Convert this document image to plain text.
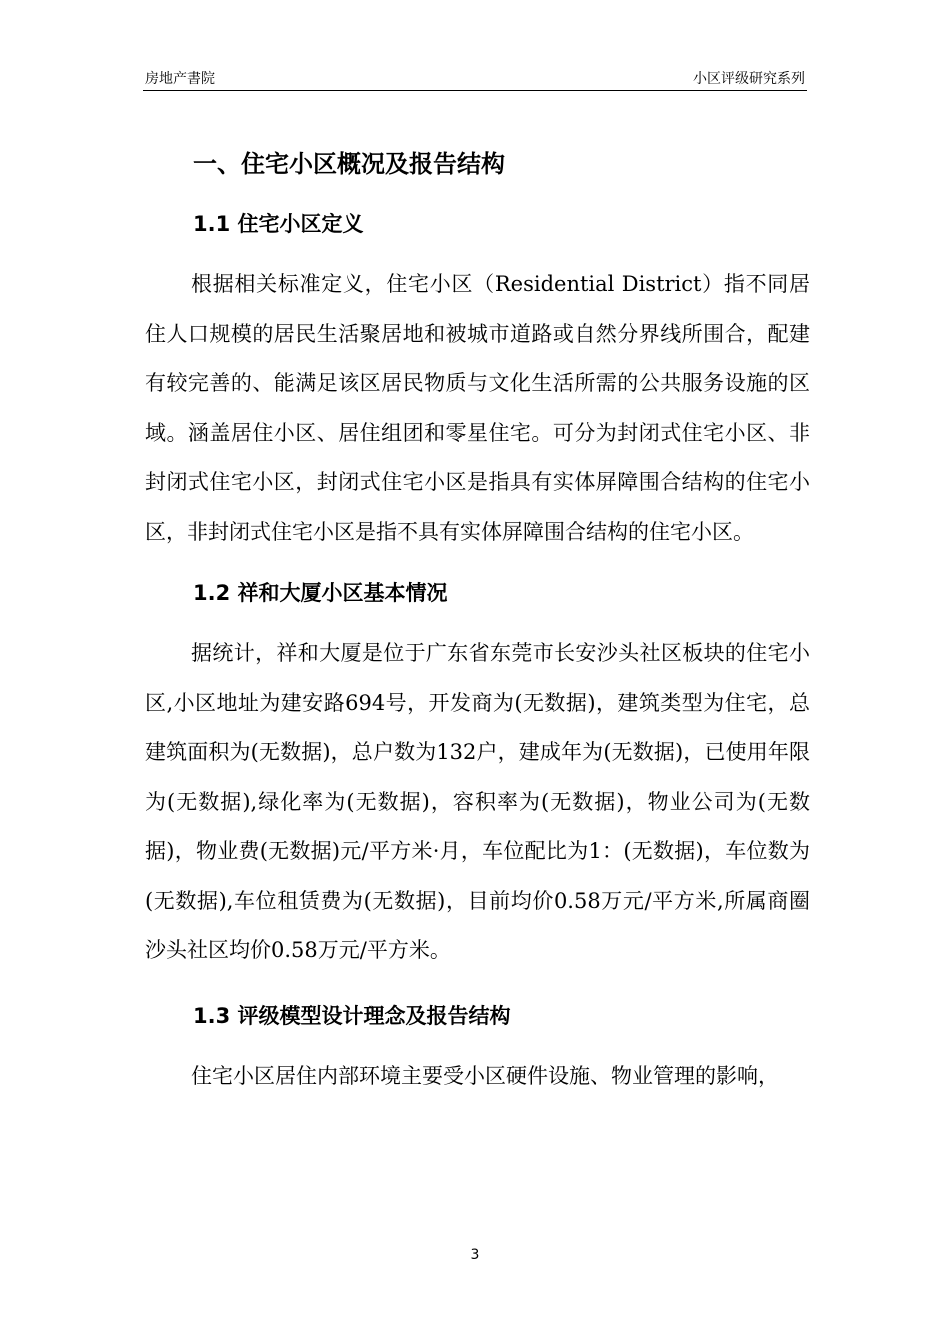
房地产書院	小区评级研究系列
一、住宅小区概况及报告结构
1.1 住宅小区定义

根据相关标准定义，住宅小区（Residential District）指不同居住人口规模的居民生活聚居地和被城市道路或自然分界线所围合，配建有较完善的、能满足该区居民物质与文化生活所需的公共服务设施的区域。涵盖居住小区、居住组团和零星住宅。可分为封闭式住宅小区、非封闭式住宅小区，封闭式住宅小区是指具有实体屏障围合结构的住宅小区，非封闭式住宅小区是指不具有实体屏障围合结构的住宅小区。

1.2 祥和大厦小区基本情况

据统计，祥和大厦是位于广东省东莞市长安沙头社区板块的住宅小区,小区地址为建安路694号，开发商为(无数据)，建筑类型为住宅，总建筑面积为(无数据)，总户数为132户，建成年为(无数据)，已使用年限为(无数据),绿化率为(无数据)，容积率为(无数据)，物业公司为(无数据)，物业费(无数据)元/平方米·月，车位配比为1：(无数据)，车位数为(无数据),车位租赁费为(无数据)，目前均价0.58万元/平方米,所属商圈沙头社区均价0.58万元/平方米。

1.3 评级模型设计理念及报告结构

住宅小区居住内部环境主要受小区硬件设施、物业管理的影响，

3
